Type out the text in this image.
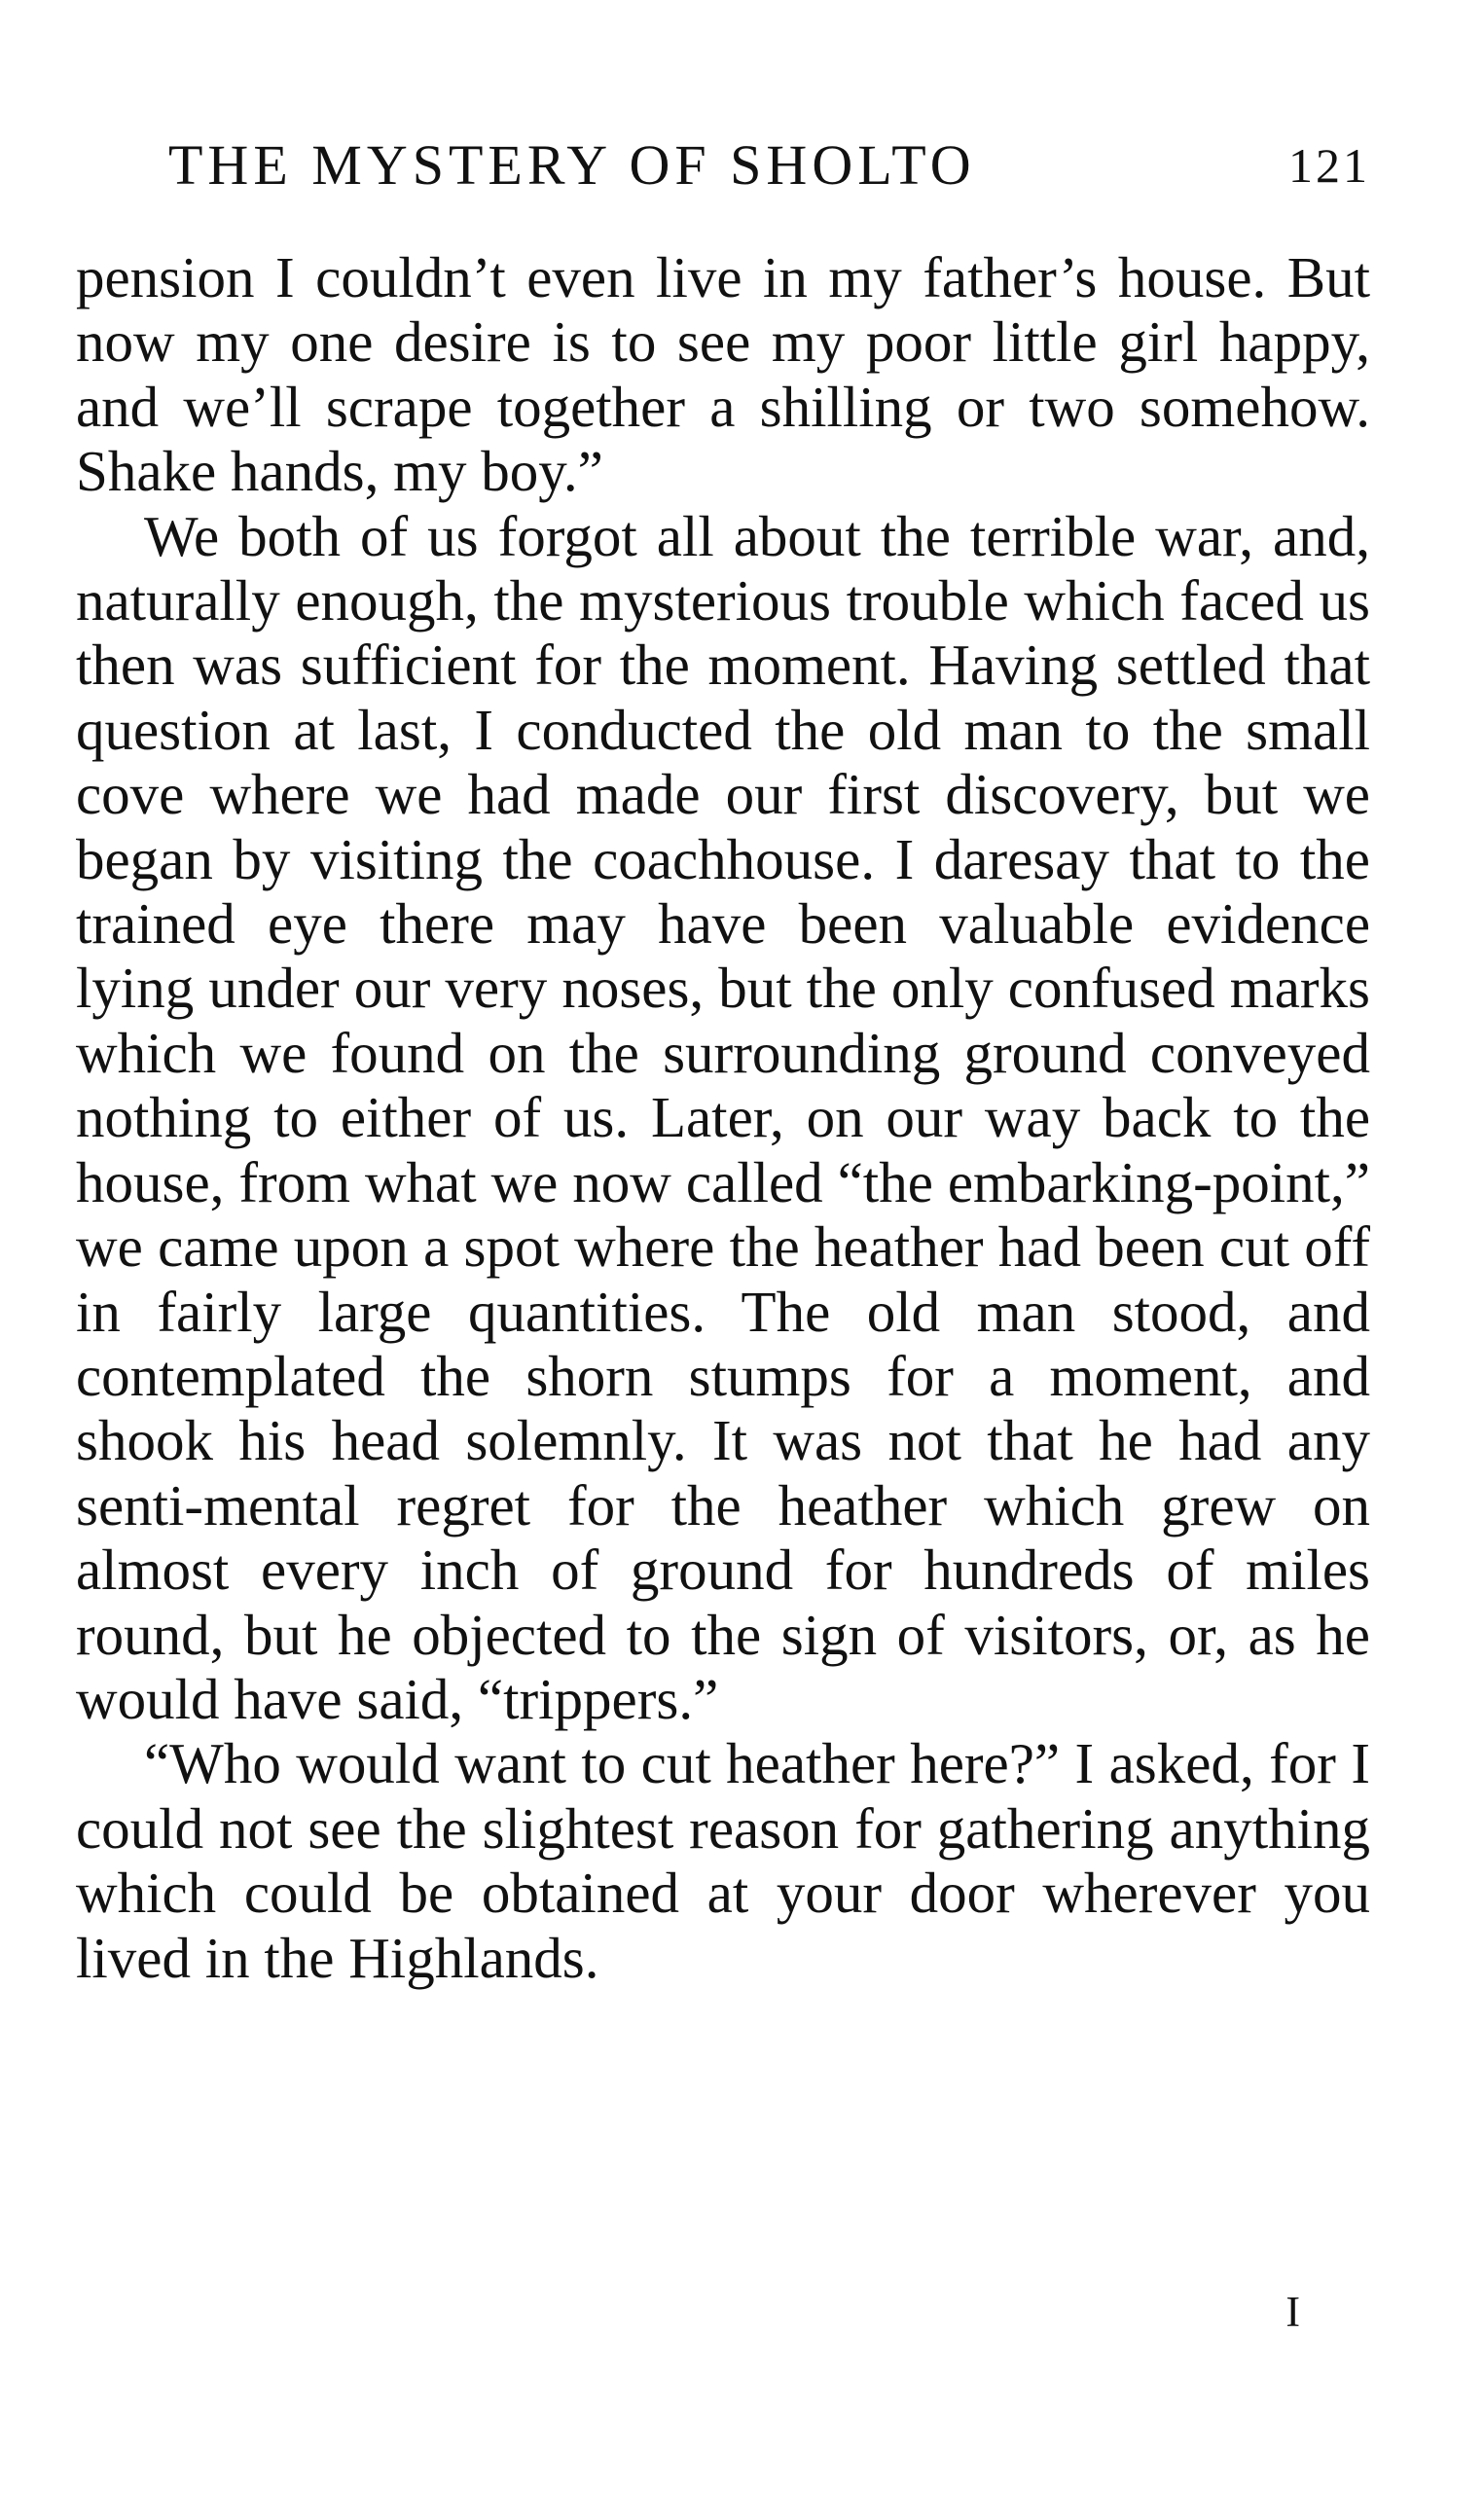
THE MYSTERY OF SHOLTO	121

pension I couldn’t even live in my father’s house. But now my one desire is to see my poor little girl happy, and we’ll scrape together a shilling or two somehow. Shake hands, my boy.”

We both of us forgot all about the terrible war, and, naturally enough, the mysterious trouble which faced us then was sufficient for the moment. Having settled that question at last, I conducted the old man to the small cove where we had made our first discovery, but we began by visiting the coachhouse. I daresay that to the trained eye there may have been valuable evidence lying under our very noses, but the only confused marks which we found on the surrounding ground conveyed nothing to either of us. Later, on our way back to the house, from what we now called “the embarking-point,” we came upon a spot where the heather had been cut off in fairly large quantities. The old man stood, and contemplated the shorn stumps for a moment, and shook his head solemnly. It was not that he had any senti-mental regret for the heather which grew on almost every inch of ground for hundreds of miles round, but he objected to the sign of visitors, or, as he would have said, “trippers.”

“Who would want to cut heather here?” I asked, for I could not see the slightest reason for gathering anything which could be obtained at your door wherever you lived in the Highlands.

I
